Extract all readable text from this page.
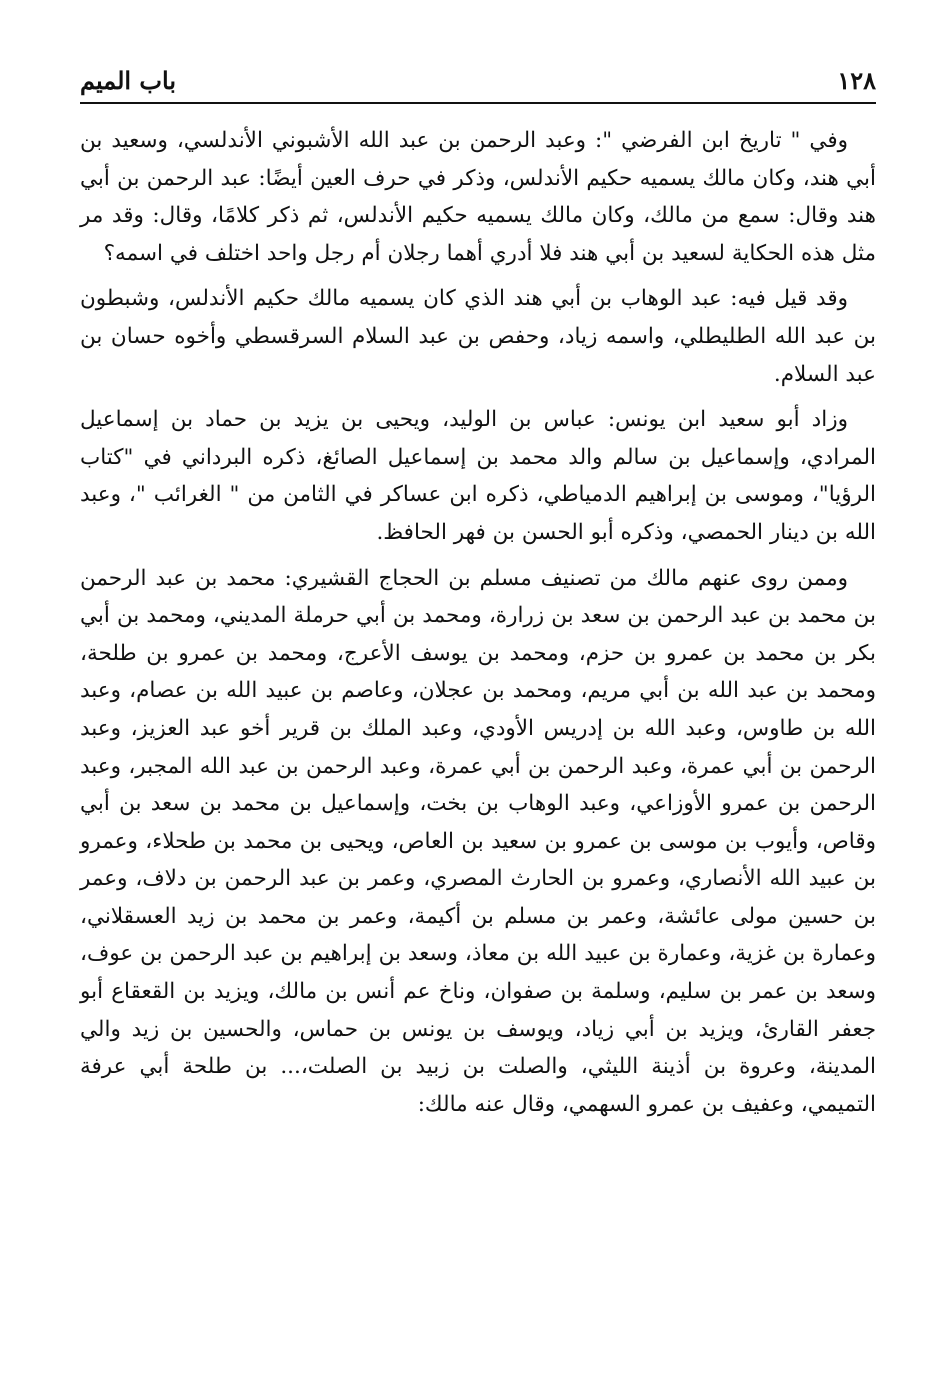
١٢٨
باب الميم

وفي " تاريخ ابن الفرضي ": وعبد الرحمن بن عبد الله الأشبوني الأندلسي، وسعيد بن أبي هند، وكان مالك يسميه حكيم الأندلس، وذكر في حرف العين أيضًا: عبد الرحمن بن أبي هند وقال: سمع من مالك، وكان مالك يسميه حكيم الأندلس، ثم ذكر كلامًا، وقال: وقد مر مثل هذه الحكاية لسعيد بن أبي هند فلا أدري أهما رجلان أم رجل واحد اختلف في اسمه؟

وقد قيل فيه: عبد الوهاب بن أبي هند الذي كان يسميه مالك حكيم الأندلس، وشبطون بن عبد الله الطليطلي، واسمه زياد، وحفص بن عبد السلام السرقسطي وأخوه حسان بن عبد السلام.

وزاد أبو سعيد ابن يونس: عباس بن الوليد، ويحيى بن يزيد بن حماد بن إسماعيل المرادي، وإسماعيل بن سالم والد محمد بن إسماعيل الصائغ، ذكره البرداني في "كتاب الرؤيا"، وموسى بن إبراهيم الدمياطي، ذكره ابن عساكر في الثامن من " الغرائب "، وعبد الله بن دينار الحمصي، وذكره أبو الحسن بن فهر الحافظ.

وممن روى عنهم مالك من تصنيف مسلم بن الحجاج القشيري: محمد بن عبد الرحمن بن محمد بن عبد الرحمن بن سعد بن زرارة، ومحمد بن أبي حرملة المديني، ومحمد بن أبي بكر بن محمد بن عمرو بن حزم، ومحمد بن يوسف الأعرج، ومحمد بن عمرو بن طلحة، ومحمد بن عبد الله بن أبي مريم، ومحمد بن عجلان، وعاصم بن عبيد الله بن عصام، وعبد الله بن طاوس، وعبد الله بن إدريس الأودي، وعبد الملك بن قرير أخو عبد العزيز، وعبد الرحمن بن أبي عمرة، وعبد الرحمن بن أبي عمرة، وعبد الرحمن بن عبد الله المجبر، وعبد الرحمن بن عمرو الأوزاعي، وعبد الوهاب بن بخت، وإسماعيل بن محمد بن سعد بن أبي وقاص، وأيوب بن موسى بن عمرو بن سعيد بن العاص، ويحيى بن محمد بن طحلاء، وعمرو بن عبيد الله الأنصاري، وعمرو بن الحارث المصري، وعمر بن عبد الرحمن بن دلاف، وعمر بن حسين مولى عائشة، وعمر بن مسلم بن أكيمة، وعمر بن محمد بن زيد العسقلاني، وعمارة بن غزية، وعمارة بن عبيد الله بن معاذ، وسعد بن إبراهيم بن عبد الرحمن بن عوف، وسعد بن عمر بن سليم، وسلمة بن صفوان، وناخ عم أنس بن مالك، ويزيد بن القعقاع أبو جعفر القارئ، ويزيد بن أبي زياد، ويوسف بن يونس بن حماس، والحسين بن زيد والي المدينة، وعروة بن أذينة الليثي، والصلت بن زبيد بن الصلت،... بن طلحة أبي عرفة التميمي، وعفيف بن عمرو السهمي، وقال عنه مالك:
